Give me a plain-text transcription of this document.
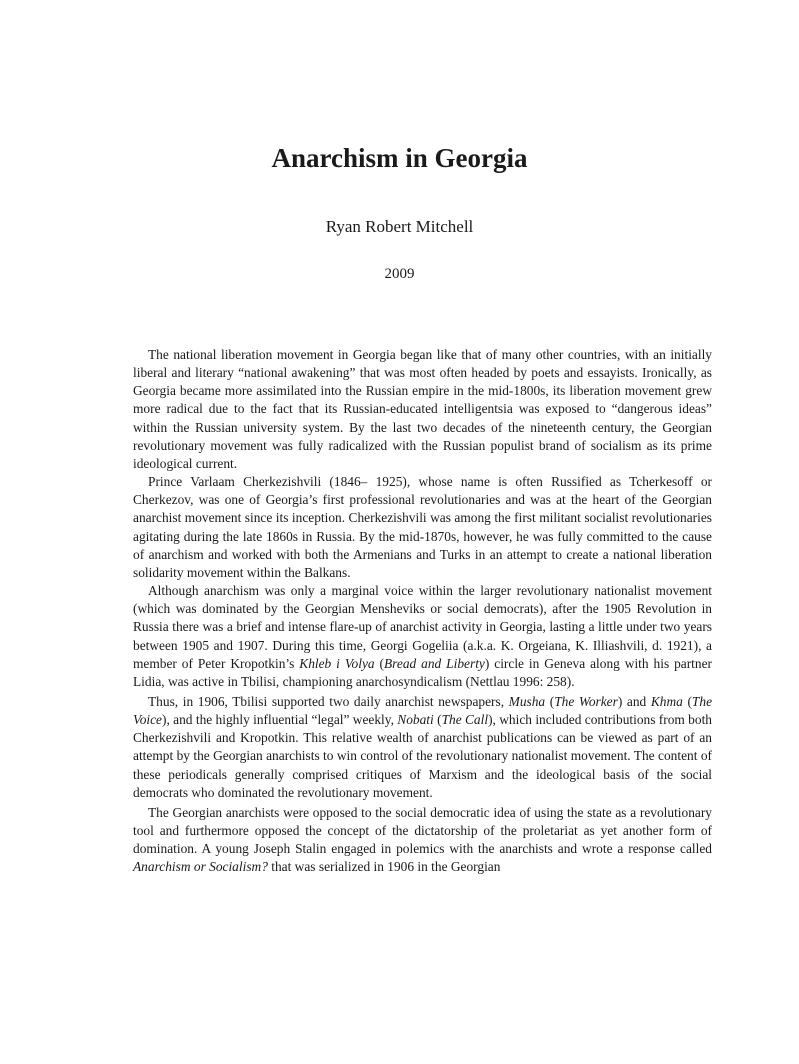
Anarchism in Georgia
Ryan Robert Mitchell
2009

The national liberation movement in Georgia began like that of many other countries, with an initially liberal and literary “national awakening” that was most often headed by poets and essayists. Ironically, as Georgia became more assimilated into the Russian empire in the mid-1800s, its liberation movement grew more radical due to the fact that its Russian-educated intelligentsia was exposed to “dangerous ideas” within the Russian university system. By the last two decades of the nineteenth century, the Georgian revolutionary movement was fully radicalized with the Russian populist brand of socialism as its prime ideological current.

Prince Varlaam Cherkezishvili (1846– 1925), whose name is often Russified as Tcherkesoff or Cherkezov, was one of Georgia’s first professional revolutionaries and was at the heart of the Georgian anarchist movement since its inception. Cherkezishvili was among the first militant socialist revolutionaries agitating during the late 1860s in Russia. By the mid-1870s, however, he was fully committed to the cause of anarchism and worked with both the Armenians and Turks in an attempt to create a national liberation solidarity movement within the Balkans.

Although anarchism was only a marginal voice within the larger revolutionary nationalist movement (which was dominated by the Georgian Mensheviks or social democrats), after the 1905 Revolution in Russia there was a brief and intense flare-up of anarchist activity in Georgia, lasting a little under two years between 1905 and 1907. During this time, Georgi Gogeliia (a.k.a. K. Orgeiana, K. Illiashvili, d. 1921), a member of Peter Kropotkin’s Khleb i Volya (Bread and Liberty) circle in Geneva along with his partner Lidia, was active in Tbilisi, championing anarchosyndicalism (Nettlau 1996: 258).

Thus, in 1906, Tbilisi supported two daily anarchist newspapers, Musha (The Worker) and Khma (The Voice), and the highly influential “legal” weekly, Nobati (The Call), which included contributions from both Cherkezishvili and Kropotkin. This relative wealth of anarchist publications can be viewed as part of an attempt by the Georgian anarchists to win control of the revolutionary nationalist movement. The content of these periodicals generally comprised critiques of Marxism and the ideological basis of the social democrats who dominated the revolutionary movement.

The Georgian anarchists were opposed to the social democratic idea of using the state as a revolutionary tool and furthermore opposed the concept of the dictatorship of the proletariat as yet another form of domination. A young Joseph Stalin engaged in polemics with the anarchists and wrote a response called Anarchism or Socialism? that was serialized in 1906 in the Georgian
